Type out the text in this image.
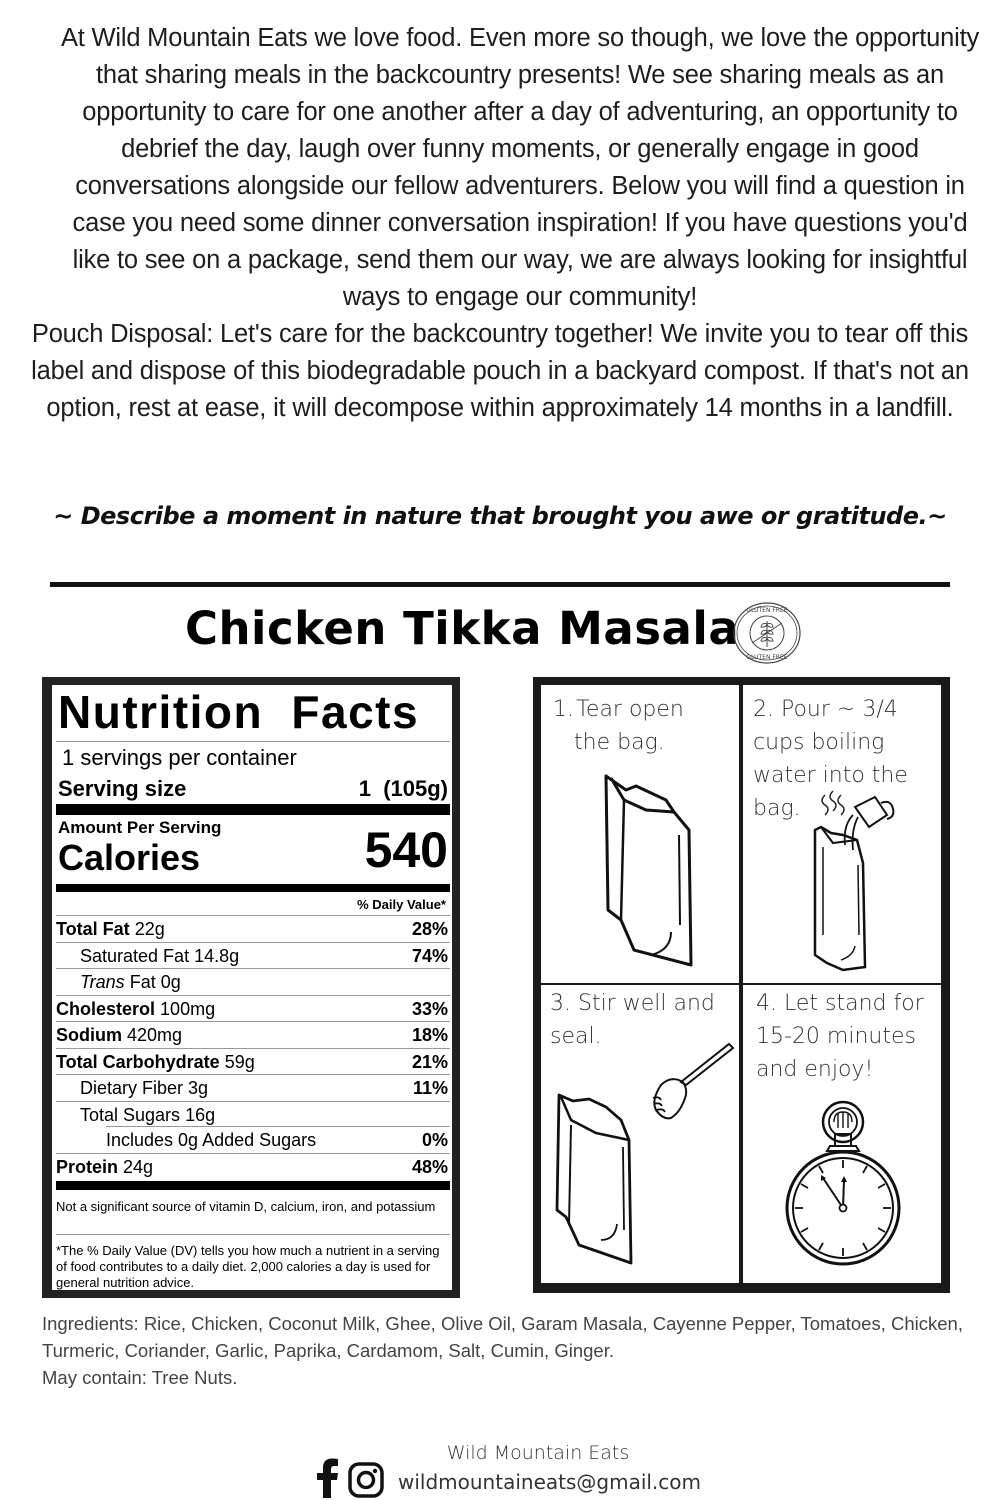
At Wild Mountain Eats we love food. Even more so though, we love the opportunity that sharing meals in the backcountry presents! We see sharing meals as an opportunity to care for one another after a day of adventuring, an opportunity to debrief the day, laugh over funny moments, or generally engage in good conversations alongside our fellow adventurers. Below you will find a question in case you need some dinner conversation inspiration! If you have questions you'd like to see on a package, send them our way, we are always looking for insightful ways to engage our community!

Pouch Disposal: Let's care for the backcountry together! We invite you to tear off this label and dispose of this biodegradable pouch in a backyard compost. If that's not an option, rest at ease, it will decompose within approximately 14 months in a landfill.

~ Describe a moment in nature that brought you awe or gratitude.~
Chicken Tikka Masala GLUTEN FREE
GLUTEN FREE
Nutrition Facts
1 servings per container
Serving size	1  (105g)
Amount Per Serving
Calories	540
% Daily Value*
Total Fat 22g	28%
Saturated Fat 14.8g	74%
Trans Fat 0g
Cholesterol 100mg	33%
Sodium 420mg	18%
Total Carbohydrate 59g	21%
Dietary Fiber 3g	11%
Total Sugars 16g
Includes 0g Added Sugars	0%
Protein 24g	48%
Not a significant source of vitamin D, calcium, iron, and potassium
*The % Daily Value (DV) tells you how much a nutrient in a serving of food contributes to a daily diet. 2,000 calories a day is used for general nutrition advice.
1.  Tear open
the bag.
2. Pour ~ 3/4
cups boiling
water into the
bag.
3. Stir well and
seal.
4. Let stand for
15-20 minutes
and enjoy!

Ingredients: Rice, Chicken, Coconut Milk, Ghee, Olive Oil, Garam Masala, Cayenne Pepper, Tomatoes, Chicken, Turmeric, Coriander, Garlic, Paprika, Cardamom, Salt, Cumin, Ginger.

May contain: Tree Nuts.

Wild Mountain Eats
wildmountaineats@gmail.com
